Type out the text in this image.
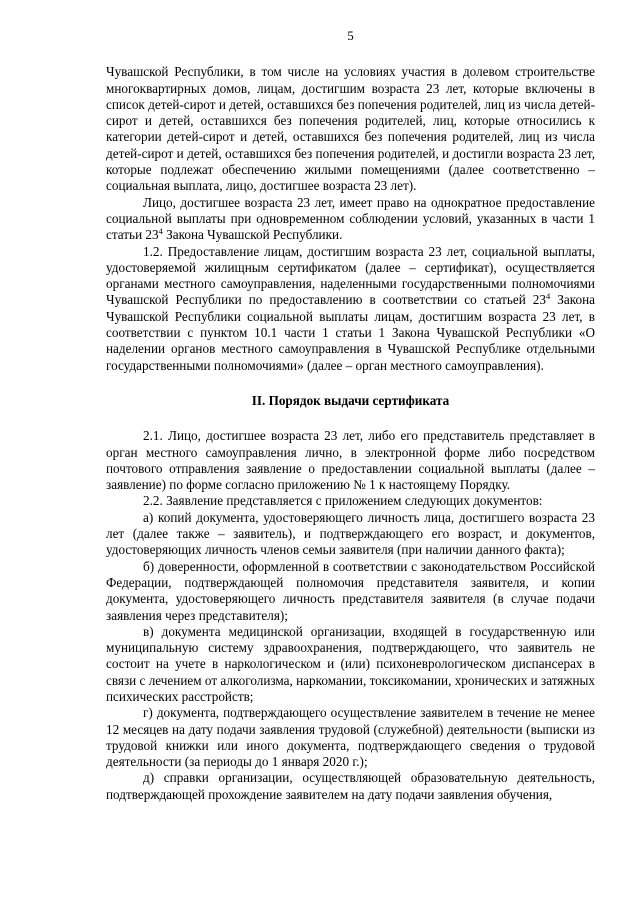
5

Чувашской Республики, в том числе на условиях участия в долевом строительстве многоквартирных домов, лицам, достигшим возраста 23 лет, которые включены в список детей-сирот и детей, оставшихся без попечения родителей, лиц из числа детей-сирот и детей, оставшихся без попечения родителей, лиц, которые относились к категории детей-сирот и детей, оставшихся без попечения родителей, лиц из числа детей-сирот и детей, оставшихся без попечения родителей, и достигли возраста 23 лет, которые подлежат обеспечению жилыми помещениями (далее соответственно – социальная выплата, лицо, достигшее возраста 23 лет).

Лицо, достигшее возраста 23 лет, имеет право на однократное предоставление социальной выплаты при одновременном соблюдении условий, указанных в части 1 статьи $23^4$ Закона Чувашской Республики.

1.2. Предоставление лицам, достигшим возраста 23 лет, социальной выплаты, удостоверяемой жилищным сертификатом (далее – сертификат), осуществляется органами местного самоуправления, наделенными государственными полномочиями Чувашской Республики по предоставлению в соответствии со статьей $23^4$ Закона Чувашской Республики социальной выплаты лицам, достигшим возраста 23 лет, в соответствии с пунктом 10.1 части 1 статьи 1 Закона Чувашской Республики «О наделении органов местного самоуправления в Чувашской Республике отдельными государственными полномочиями» (далее – орган местного самоуправления).

II. Порядок выдачи сертификата

2.1. Лицо, достигшее возраста 23 лет, либо его представитель представляет в орган местного самоуправления лично, в электронной форме либо посредством почтового отправления заявление о предоставлении социальной выплаты (далее – заявление) по форме согласно приложению № 1 к настоящему Порядку.

2.2. Заявление представляется с приложением следующих документов:

а) копий документа, удостоверяющего личность лица, достигшего возраста 23 лет (далее также – заявитель), и подтверждающего его возраст, и документов, удостоверяющих личность членов семьи заявителя (при наличии данного факта);

б) доверенности, оформленной в соответствии с законодательством Российской Федерации, подтверждающей полномочия представителя заявителя, и копии документа, удостоверяющего личность представителя заявителя (в случае подачи заявления через представителя);

в) документа медицинской организации, входящей в государственную или муниципальную систему здравоохранения, подтверждающего, что заявитель не состоит на учете в наркологическом и (или) психоневрологическом диспансерах в связи с лечением от алкоголизма, наркомании, токсикомании, хронических и затяжных психических расстройств;

г) документа, подтверждающего осуществление заявителем в течение не менее 12 месяцев на дату подачи заявления трудовой (служебной) деятельности (выписки из трудовой книжки или иного документа, подтверждающего сведения о трудовой деятельности (за периоды до 1 января 2020 г.);

д) справки организации, осуществляющей образовательную деятельность, подтверждающей прохождение заявителем на дату подачи заявления обучения,
